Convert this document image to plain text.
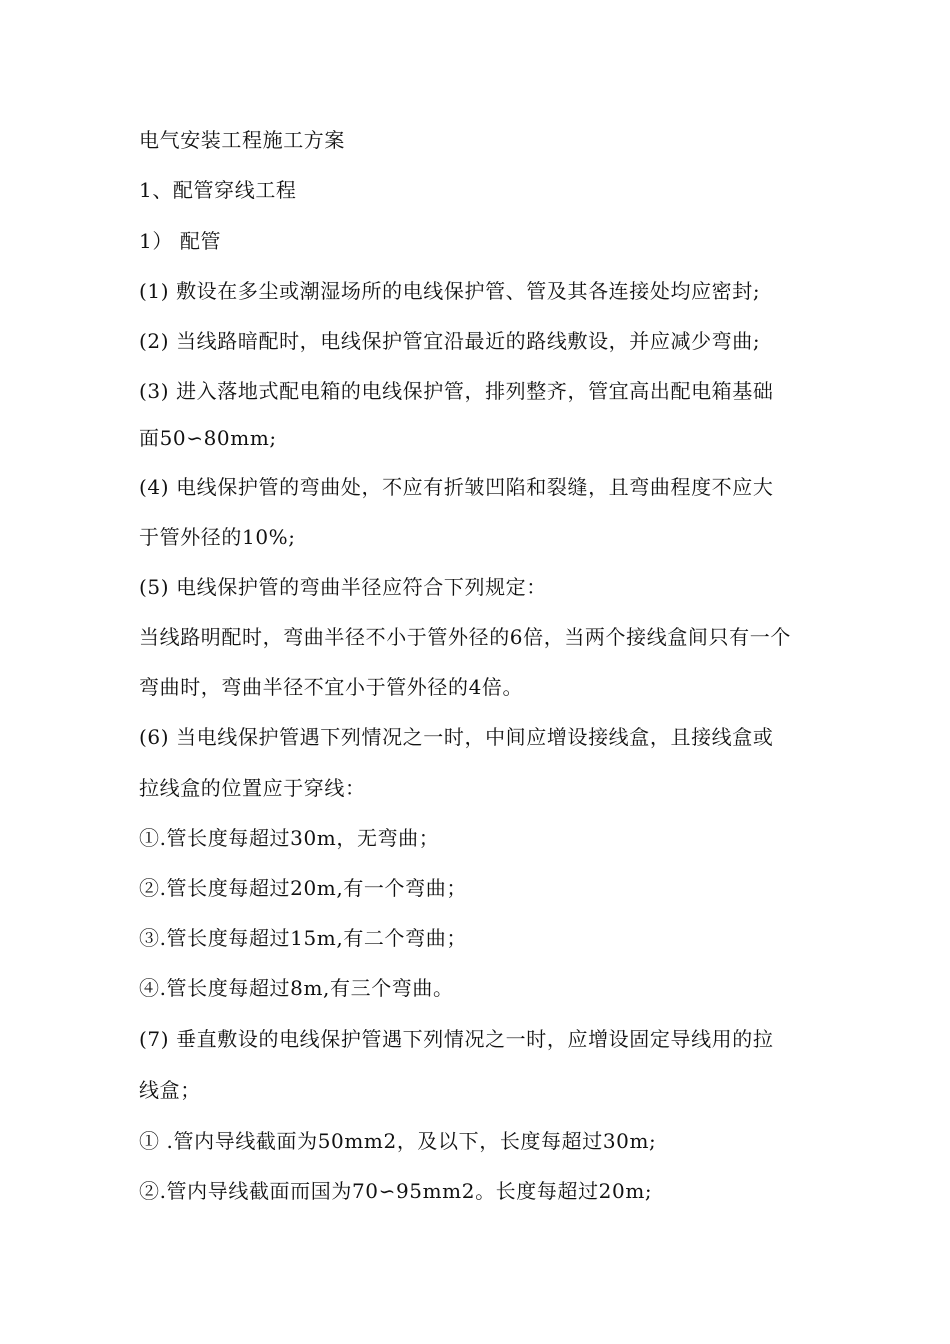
电气安装工程施工方案
1、配管穿线工程
1） 配管
(1) 敷设在多尘或潮湿场所的电线保护管、管及其各连接处均应密封;
(2) 当线路暗配时，电线保护管宜沿最近的路线敷设，并应减少弯曲;
(3) 进入落地式配电箱的电线保护管，排列整齐，管宜高出配电箱基础
面50∽80mm;
(4) 电线保护管的弯曲处，不应有折皱凹陷和裂缝，且弯曲程度不应大
于管外径的10%;
(5) 电线保护管的弯曲半径应符合下列规定：
当线路明配时，弯曲半径不小于管外径的6倍，当两个接线盒间只有一个
弯曲时，弯曲半径不宜小于管外径的4倍。
(6) 当电线保护管遇下列情况之一时，中间应增设接线盒，且接线盒或
拉线盒的位置应于穿线：
①.管长度每超过30m，无弯曲；
②.管长度每超过20m,有一个弯曲；
③.管长度每超过15m,有二个弯曲；
④.管长度每超过8m,有三个弯曲。
(7) 垂直敷设的电线保护管遇下列情况之一时，应增设固定导线用的拉
线盒；
① .管内导线截面为50mm2，及以下，长度每超过30m;
②.管内导线截面而国为70∽95mm2。长度每超过20m;
